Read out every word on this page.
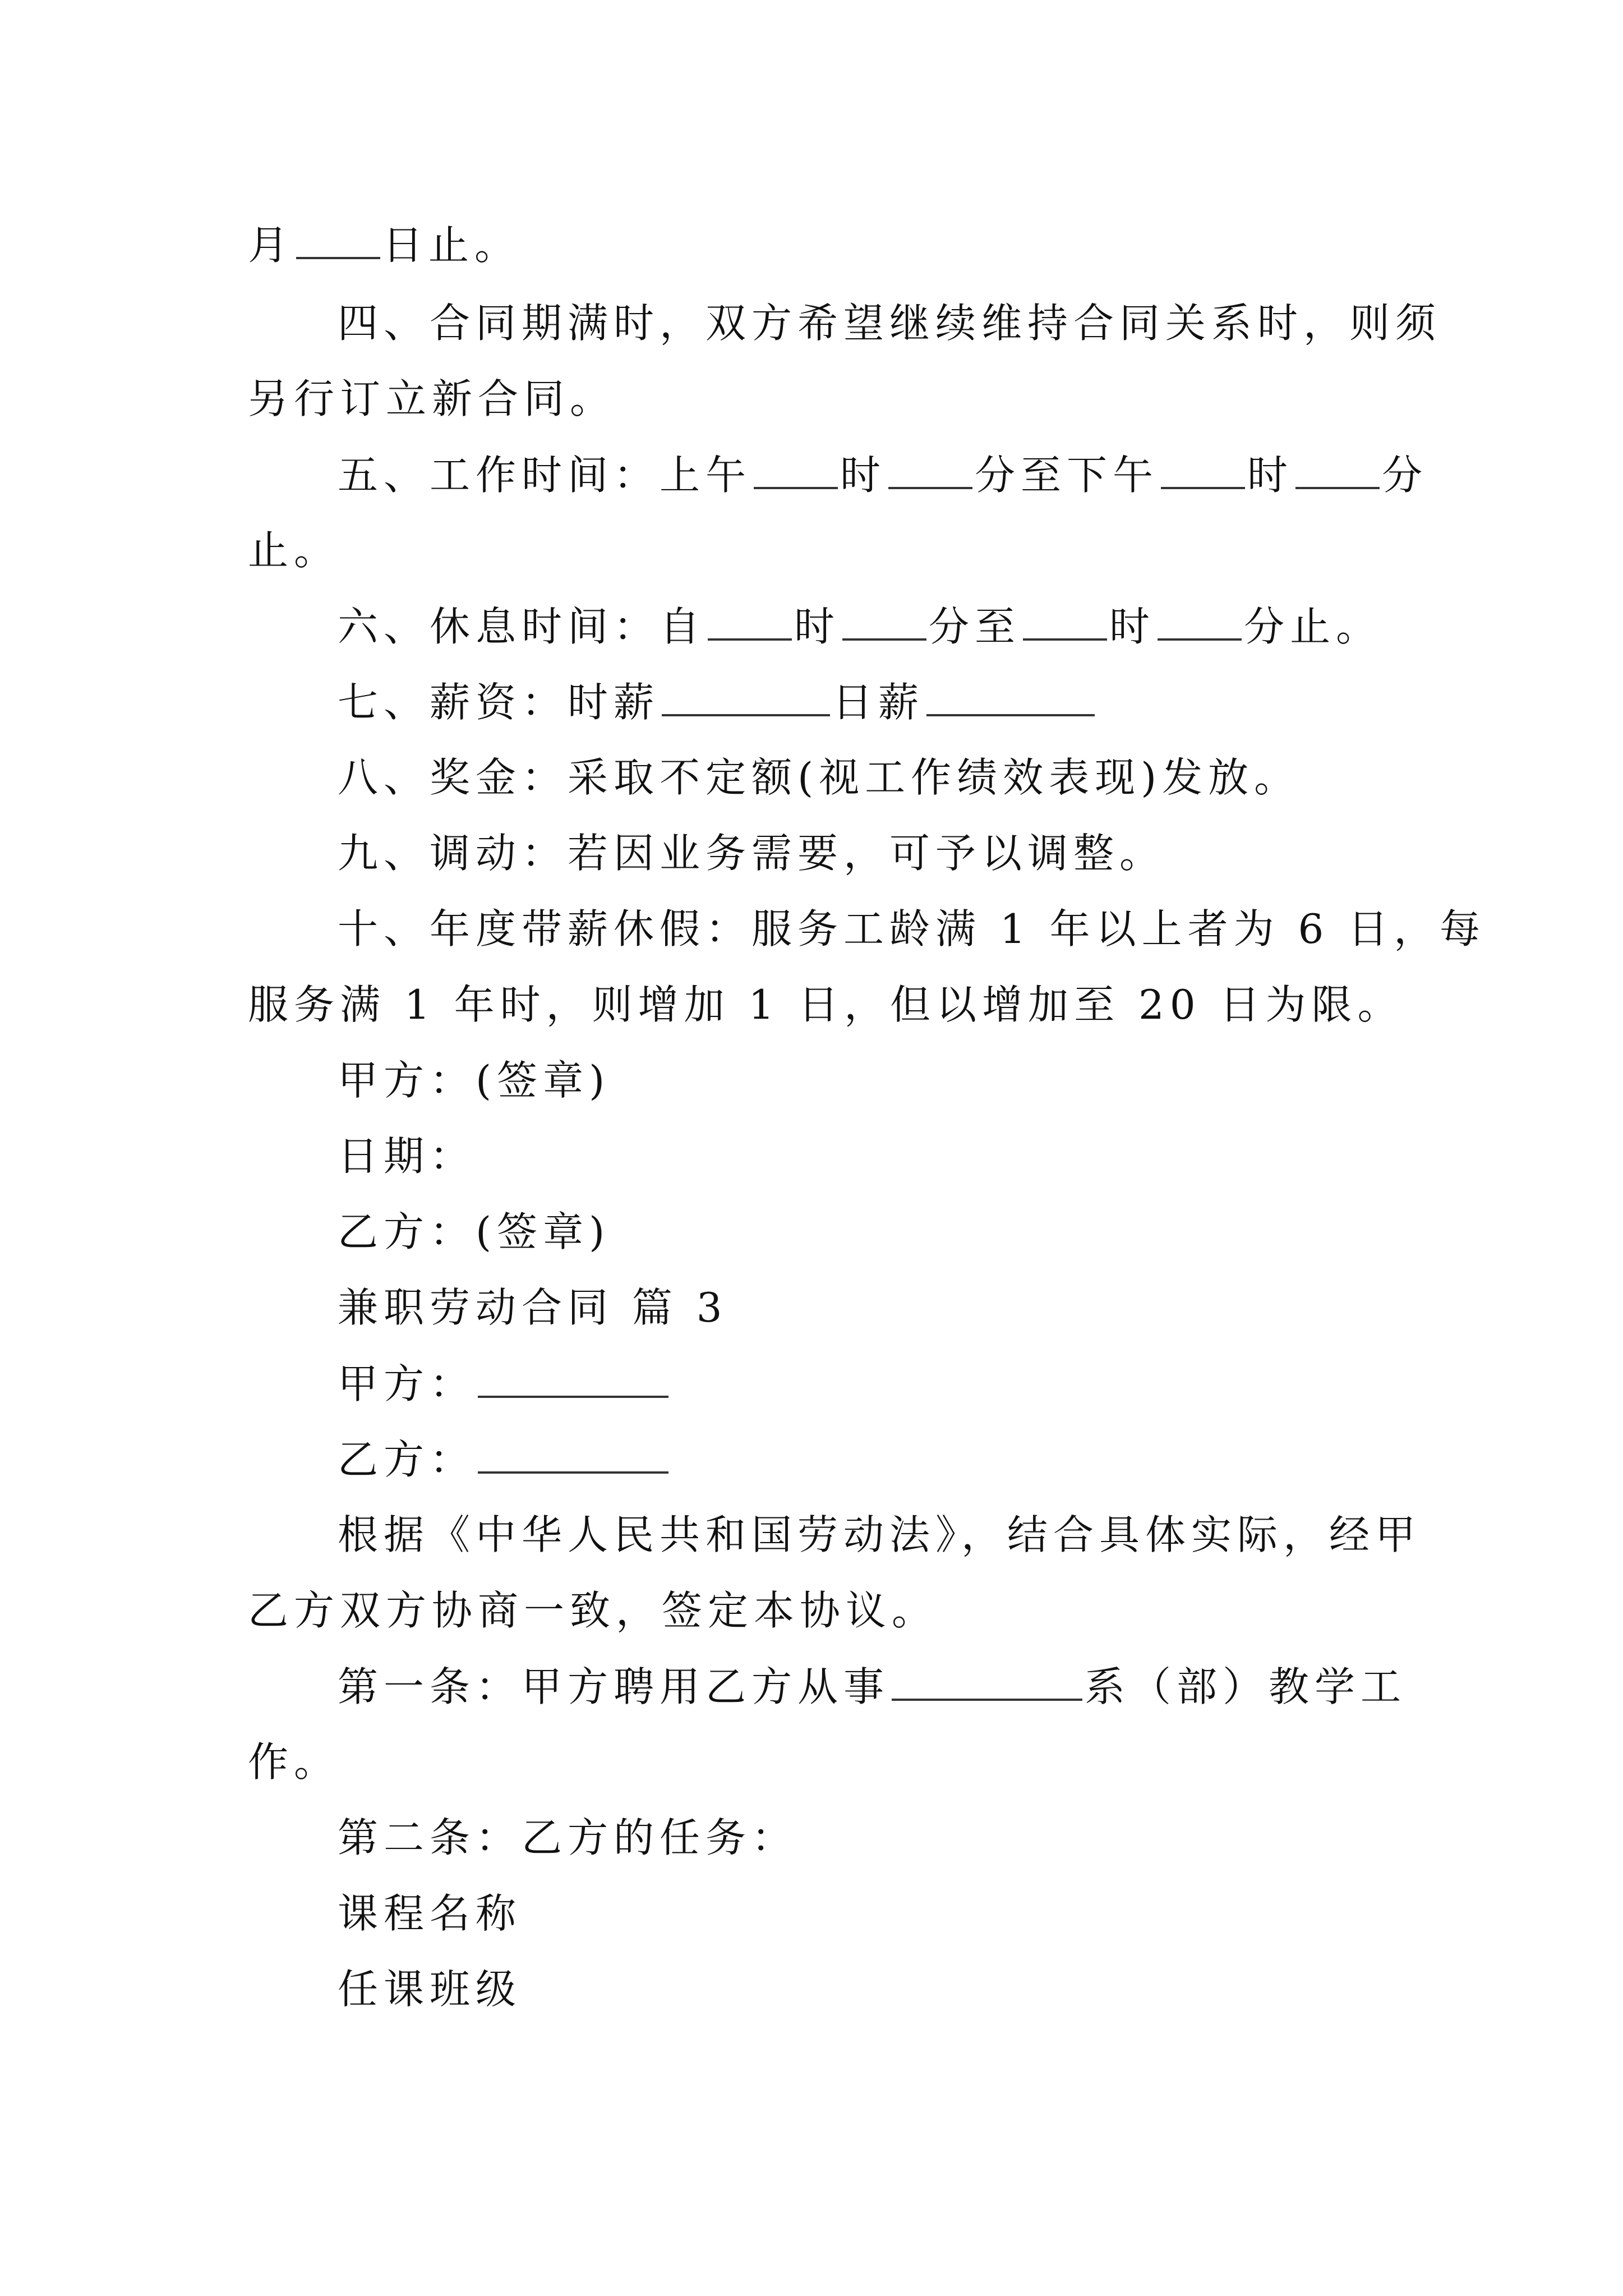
月 日止。
四、合同期满时，双方希望继续维持合同关系时，则须
另行订立新合同。
五、工作时间：上午 时 分至下午 时 分
止。
六、休息时间：自 时 分至 时 分止。
七、薪资：时薪	日薪
八、奖金：采取不定额(视工作绩效表现)发放。
九、调动：若因业务需要，可予以调整。
十、年度带薪休假：服务工龄满 1 年以上者为 6 日，每
服务满 1 年时，则增加 1 日，但以增加至 20 日为限。
甲方：(签章)
日期：
乙方：(签章)
兼职劳动合同 篇 3
甲方：
乙方：
根据《中华人民共和国劳动法》，结合具体实际，经甲
乙方双方协商一致，签定本协议。
第一条：甲方聘用乙方从事	系（部）教学工
作。
第二条：乙方的任务：
课程名称
任课班级
